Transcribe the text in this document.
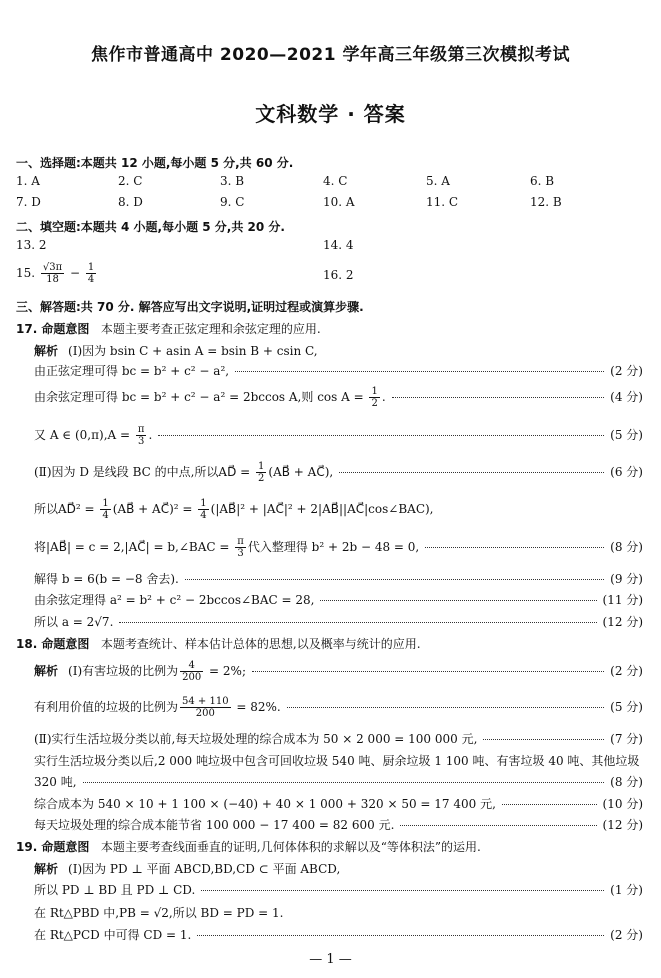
焦作市普通高中 2020—2021 学年高三年级第三次模拟考试
文科数学 · 答案
一、选择题:本题共 12 小题,每小题 5 分,共 60 分.
1. A	2. C	3. B	4. C	5. A	6. B
7. D	8. D	9. C	10. A	11. C	12. B
二、填空题:本题共 4 小题,每小题 5 分,共 20 分.
13. 2	14. 4
15. $\frac{√3\pi}{18} - \frac{1}{4}$	16. 2
三、解答题:共 70 分. 解答应写出文字说明,证明过程或演算步骤.
17. 命题意图 本题主要考查正弦定理和余弦定理的应用.
解析 (Ⅰ)因为 bsin C + asin A = bsin B + csin C,
由正弦定理可得 bc = b² + c² − a²,	(2 分)
由余弦定理可得 bc = b² + c² − a² = 2bccos A,则 $\cos A = \frac{1}{2}$ .	(4 分)
又 A ∈ $(0,\pi),A = \frac{\pi}{3}$ .	(5 分)
(Ⅱ)因为 D 是线段 BC 的中点,所以AD⃗ = $\frac{1}{2}$ (AB⃗ + AC⃗),	(6 分)
所以AD⃗² = $\frac{1}{4}$ (AB⃗ + AC⃗)² = $\frac{1}{4}$ (|AB⃗|² + |AC⃗|² + 2|AB⃗||AC⃗|cos∠BAC),
将|AB⃗| = c = 2,|AC⃗| = b,∠BAC = $\frac{\pi}{3}$ 代入整理得 b² + 2b − 48 = 0,	(8 分)
解得 b = 6(b = −8 舍去).	(9 分)
由余弦定理得 a² = b² + c² − 2bccos∠BAC = 28,	(11 分)
所以 a = 2√7.	(12 分)
18. 命题意图 本题考查统计、样本估计总体的思想,以及概率与统计的应用.
解析 (Ⅰ)有害垃圾的比例为 $\frac{4}{200} = 2\%$;	(2 分)
有利用价值的垃圾的比例为 $\frac{54 + 110}{200} = 82\%$.	(5 分)
(Ⅱ)实行生活垃圾分类以前,每天垃圾处理的综合成本为 50 × 2 000 = 100 000 元,	(7 分)
实行生活垃圾分类以后,2 000 吨垃圾中包含可回收垃圾 540 吨、厨余垃圾 1 100 吨、有害垃圾 40 吨、其他垃圾
320 吨,	(8 分)
综合成本为 540 × 10 + 1 100 × (−40) + 40 × 1 000 + 320 × 50 = 17 400 元,	(10 分)
每天垃圾处理的综合成本能节省 100 000 − 17 400 = 82 600 元.	(12 分)
19. 命题意图 本题主要考查线面垂直的证明,几何体体积的求解以及“等体积法”的运用.
解析 (Ⅰ)因为 PD ⊥ 平面 ABCD,BD,CD ⊂ 平面 ABCD,
所以 PD ⊥ BD 且 PD ⊥ CD.	(1 分)
在 Rt△PBD 中,PB = √2,所以 BD = PD = 1.
在 Rt△PCD 中可得 CD = 1.	(2 分)
— 1 —
